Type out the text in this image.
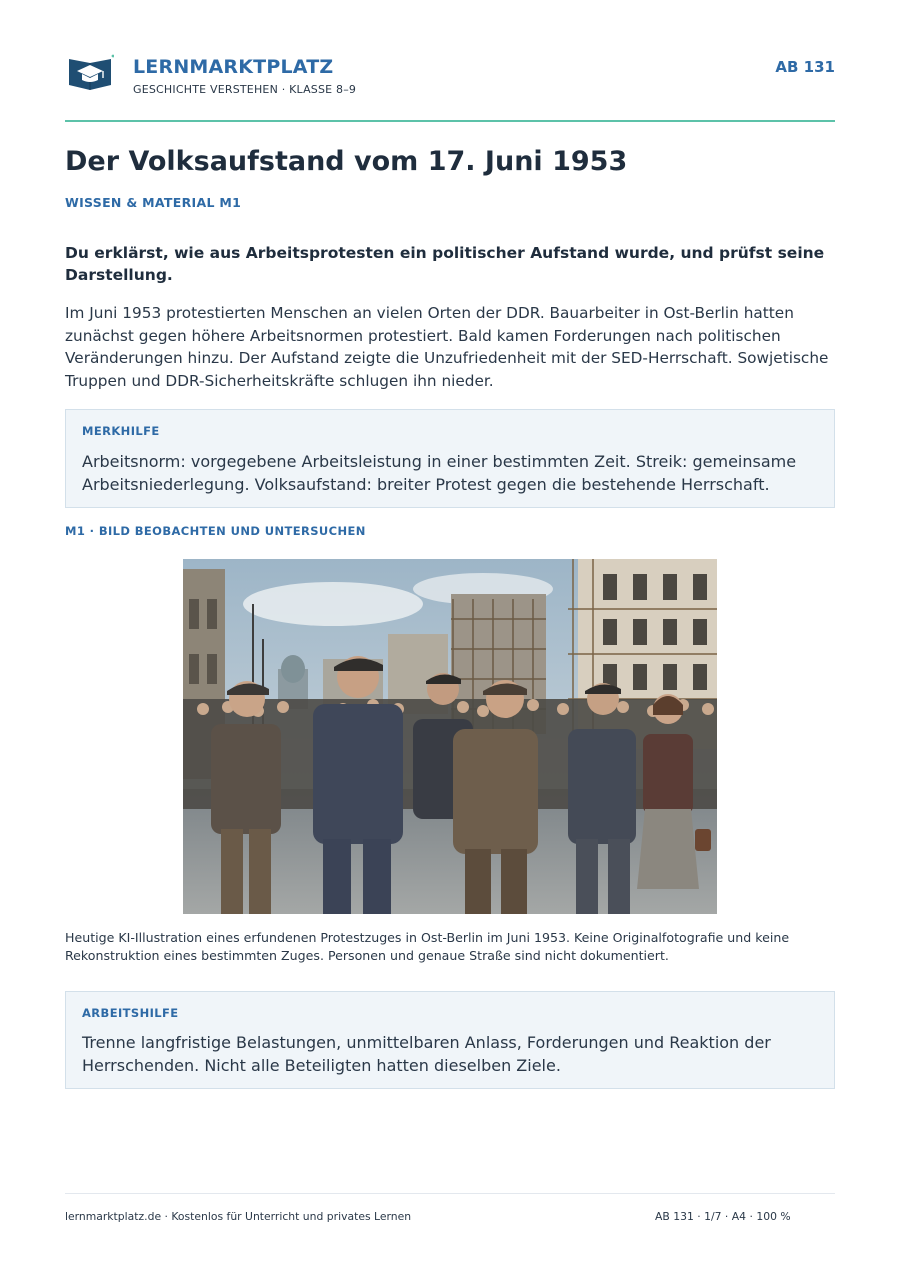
LERNMARKTPLATZ
GESCHICHTE VERSTEHEN · KLASSE 8–9
AB 131
Der Volksaufstand vom 17. Juni 1953
WISSEN & MATERIAL M1

Du erklärst, wie aus Arbeitsprotesten ein politischer Aufstand wurde, und prüfst seine Darstellung.

Im Juni 1953 protestierten Menschen an vielen Orten der DDR. Bauarbeiter in Ost-Berlin hatten zunächst gegen höhere Arbeitsnormen protestiert. Bald kamen Forderungen nach politischen Veränderungen hinzu. Der Aufstand zeigte die Unzufriedenheit mit der SED-Herrschaft. Sowjetische Truppen und DDR-Sicherheitskräfte schlugen ihn nieder.

MERKHILFE
Arbeitsnorm: vorgegebene Arbeitsleistung in einer bestimmten Zeit. Streik: gemeinsame Arbeitsniederlegung. Volksaufstand: breiter Protest gegen die bestehende Herrschaft.
M1 · BILD BEOBACHTEN UND UNTERSUCHEN

Heutige KI-Illustration eines erfundenen Protestzuges in Ost-Berlin im Juni 1953. Keine Originalfotografie und keine Rekonstruktion eines bestimmten Zuges. Personen und genaue Straße sind nicht dokumentiert.

ARBEITSHILFE
Trenne langfristige Belastungen, unmittelbaren Anlass, Forderungen und Reaktion der Herrschenden. Nicht alle Beteiligten hatten dieselben Ziele.
lernmarktplatz.de · Kostenlos für Unterricht und privates Lernen	AB 131 · 1/7 · A4 · 100 %
